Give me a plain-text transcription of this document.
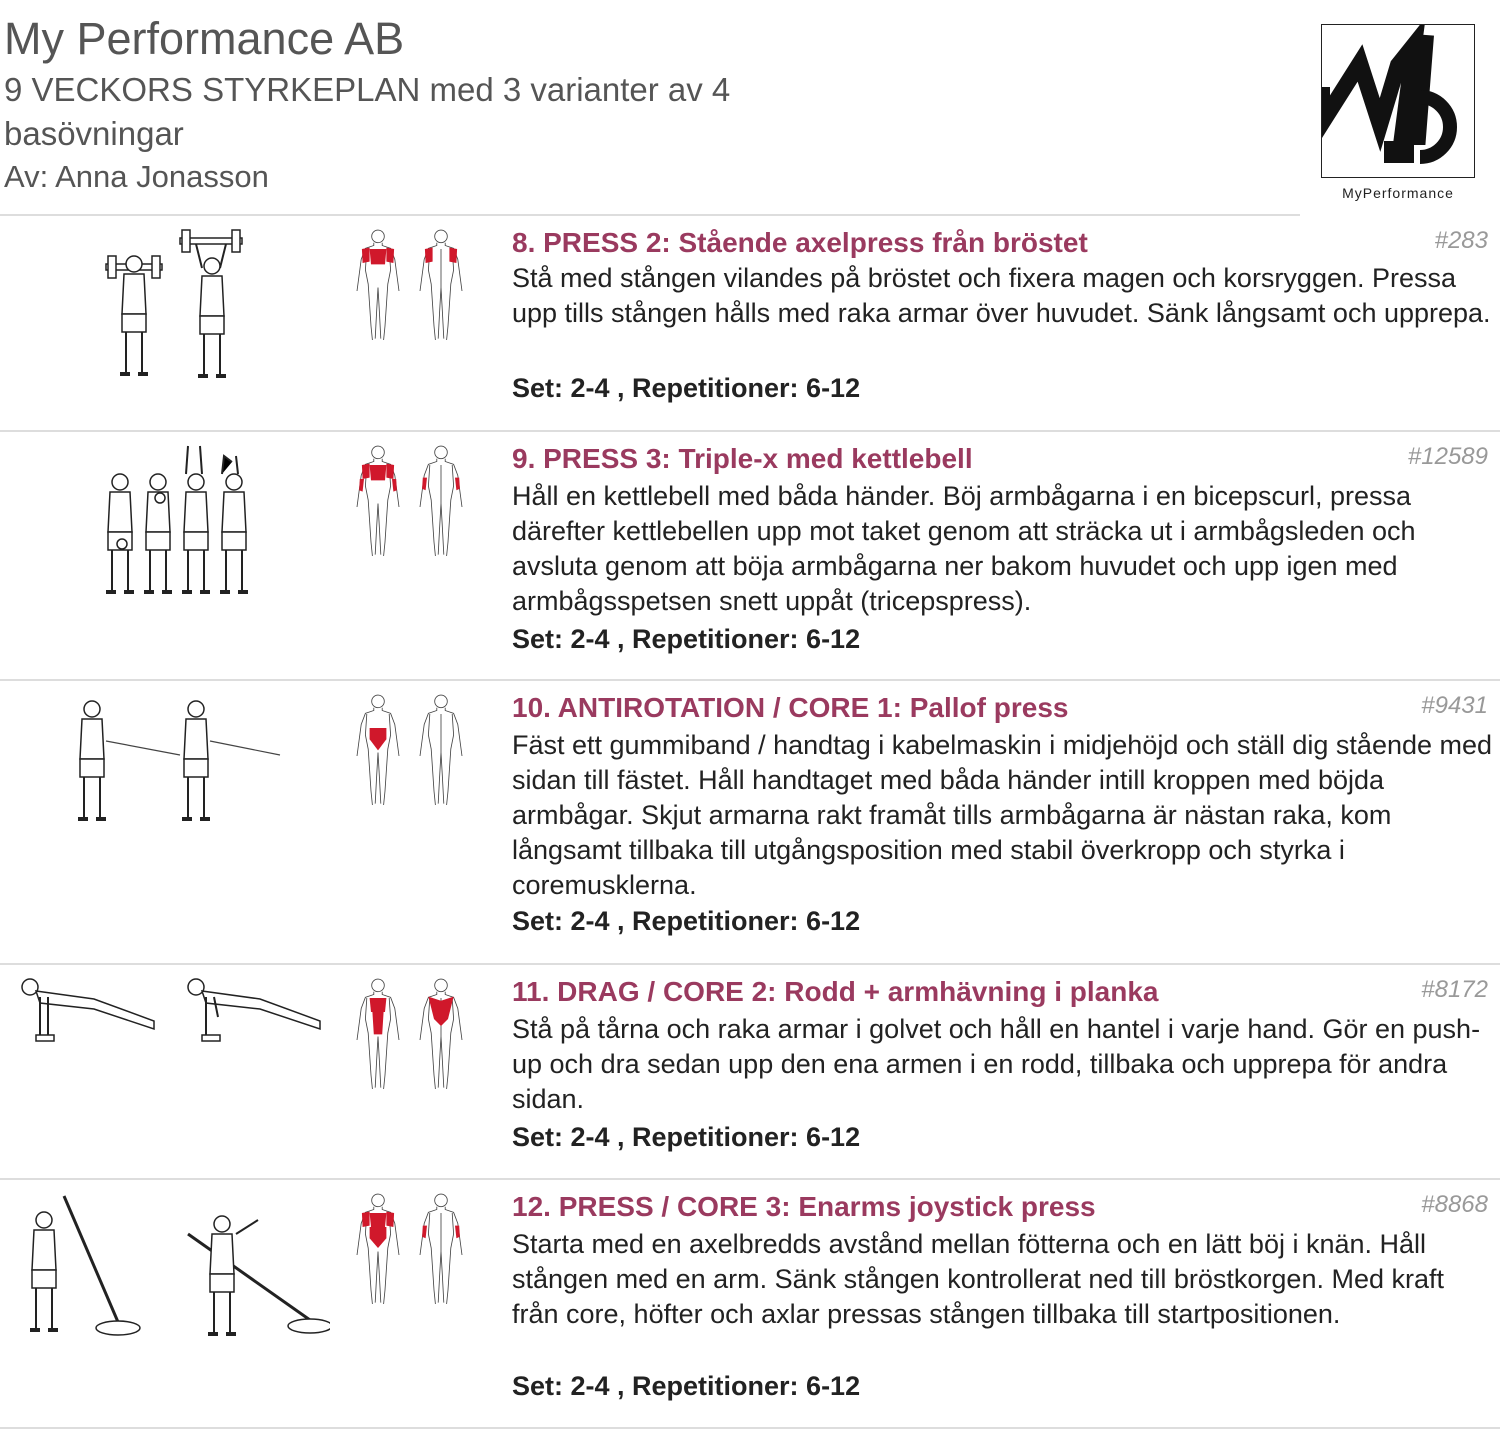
My Performance AB
9 VECKORS STYRKEPLAN med 3 varianter av 4 basövningar
Av: Anna Jonasson	MyPerformance
8. PRESS 2: Stående axelpress från bröstet	#283
Stå med stången vilandes på bröstet och fixera magen och korsryggen. Pressa upp tills stången hålls med raka armar över huvudet. Sänk långsamt och upprepa.
Set: 2-4 , Repetitioner: 6-12
9. PRESS 3: Triple-x med kettlebell	#12589
Håll en kettlebell med båda händer. Böj armbågarna i en bicepscurl, pressa därefter kettlebellen upp mot taket genom att sträcka ut i armbågsleden och avsluta genom att böja armbågarna ner bakom huvudet och upp igen med armbågsspetsen snett uppåt (tricepspress).
Set: 2-4 , Repetitioner: 6-12
10. ANTIROTATION / CORE 1: Pallof press	#9431
Fäst ett gummiband / handtag i kabelmaskin i midjehöjd och ställ dig stående med sidan till fästet. Håll handtaget med båda händer intill kroppen med böjda armbågar. Skjut armarna rakt framåt tills armbågarna är nästan raka, kom långsamt tillbaka till utgångsposition med stabil överkropp och styrka i coremusklerna.
Set: 2-4 , Repetitioner: 6-12
11. DRAG / CORE 2: Rodd + armhävning i planka	#8172
Stå på tårna och raka armar i golvet och håll en hantel i varje hand. Gör en push-up och dra sedan upp den ena armen i en rodd, tillbaka och upprepa för andra sidan.
Set: 2-4 , Repetitioner: 6-12
12. PRESS / CORE 3: Enarms joystick press	#8868
Starta med en axelbredds avstånd mellan fötterna och en lätt böj i knän. Håll stången med en arm. Sänk stången kontrollerat ned till bröstkorgen. Med kraft från core, höfter och axlar pressas stången tillbaka till startpositionen.
Set: 2-4 , Repetitioner: 6-12
